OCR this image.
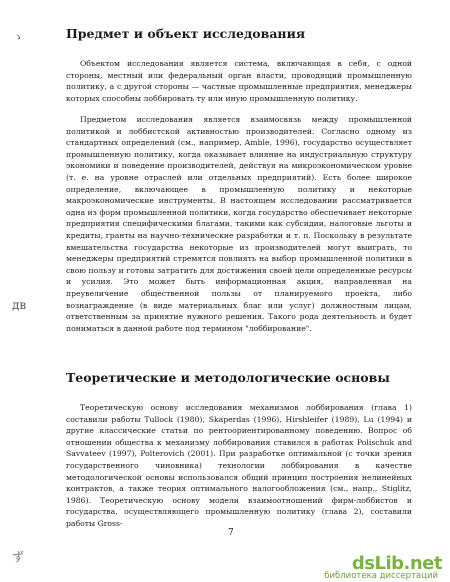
ゝ
дв
ず
Предмет и объект исследования
Объектом исследования является система, включающая в себя, с одной стороны, местный или федеральный орган власти, проводящий промышленную политику, а с другой стороны — частные промышленные предприятия, менеджеры которых способны лоббировать ту или иную промышленную политику.
Предметом исследования является взаимосвязь между промышленной политикой и лоббистской активностью производителей. Согласно одному из стандартных определений (см., например, Amble, 1996), государство осуществляет промышленную политику, когда оказывает влияние на индустриальную структуру экономики и поведение производителей, действуя на микроэкономическом уровне (т. е. на уровне отраслей или отдельных предприятий). Есть более широкое определение, включающее в промышленную политику и некоторые макроэкономические инструменты. В настоящем исследовании рассматривается одна из форм промышленной политики, когда государство обеспечивает некоторые предприятия специфическими благами, такими как субсидии, налоговые льготы и кредиты, гранты на научно-технические разработки и т. п. Поскольку в результате вмешательства государства некоторые из производителей могут выиграть, то менеджеры предприятий стремятся повлиять на выбор промышленной политики в свою пользу и готовы затратить для достижения своей цели определенные ресурсы и усилия. Это может быть информационная акция, направленная на преувеличение общественной пользы от планируемого проекта, либо вознаграждение (в виде материальных благ или услуг) должностным лицам, ответственным за принятие нужного решения. Такого рода деятельность и будет пониматься в данной работе под термином "лоббирование".
Теоретические и методологические основы
Теоретическую основу исследования механизмов лоббирования (глава 1) составили работы Tullock (1980), Skaperdas (1996), Hirshleifer (1989), Lu (1994) и другие классические статьи по рентоориентированному поведению. Вопрос об отношении общества к механизму лоббирования ставился в работах Polischuk and Savvateev (1997), Polterovich (2001). При разработке оптимальной (с точки зрения государственного чиновника) технологии лоббирования в качестве методологической основы использовался общий принцип построения нелинейных контрактов, а также теория оптимального налогообложения (см., напр., Stiglitz, 1986). Теоретическую основу модели взаимоотношений фирм-лоббистов и государства, осуществляющего промышленную политику (глава 2), составили работы Gross-
7
dsLib.net
библиотека диссертаций
